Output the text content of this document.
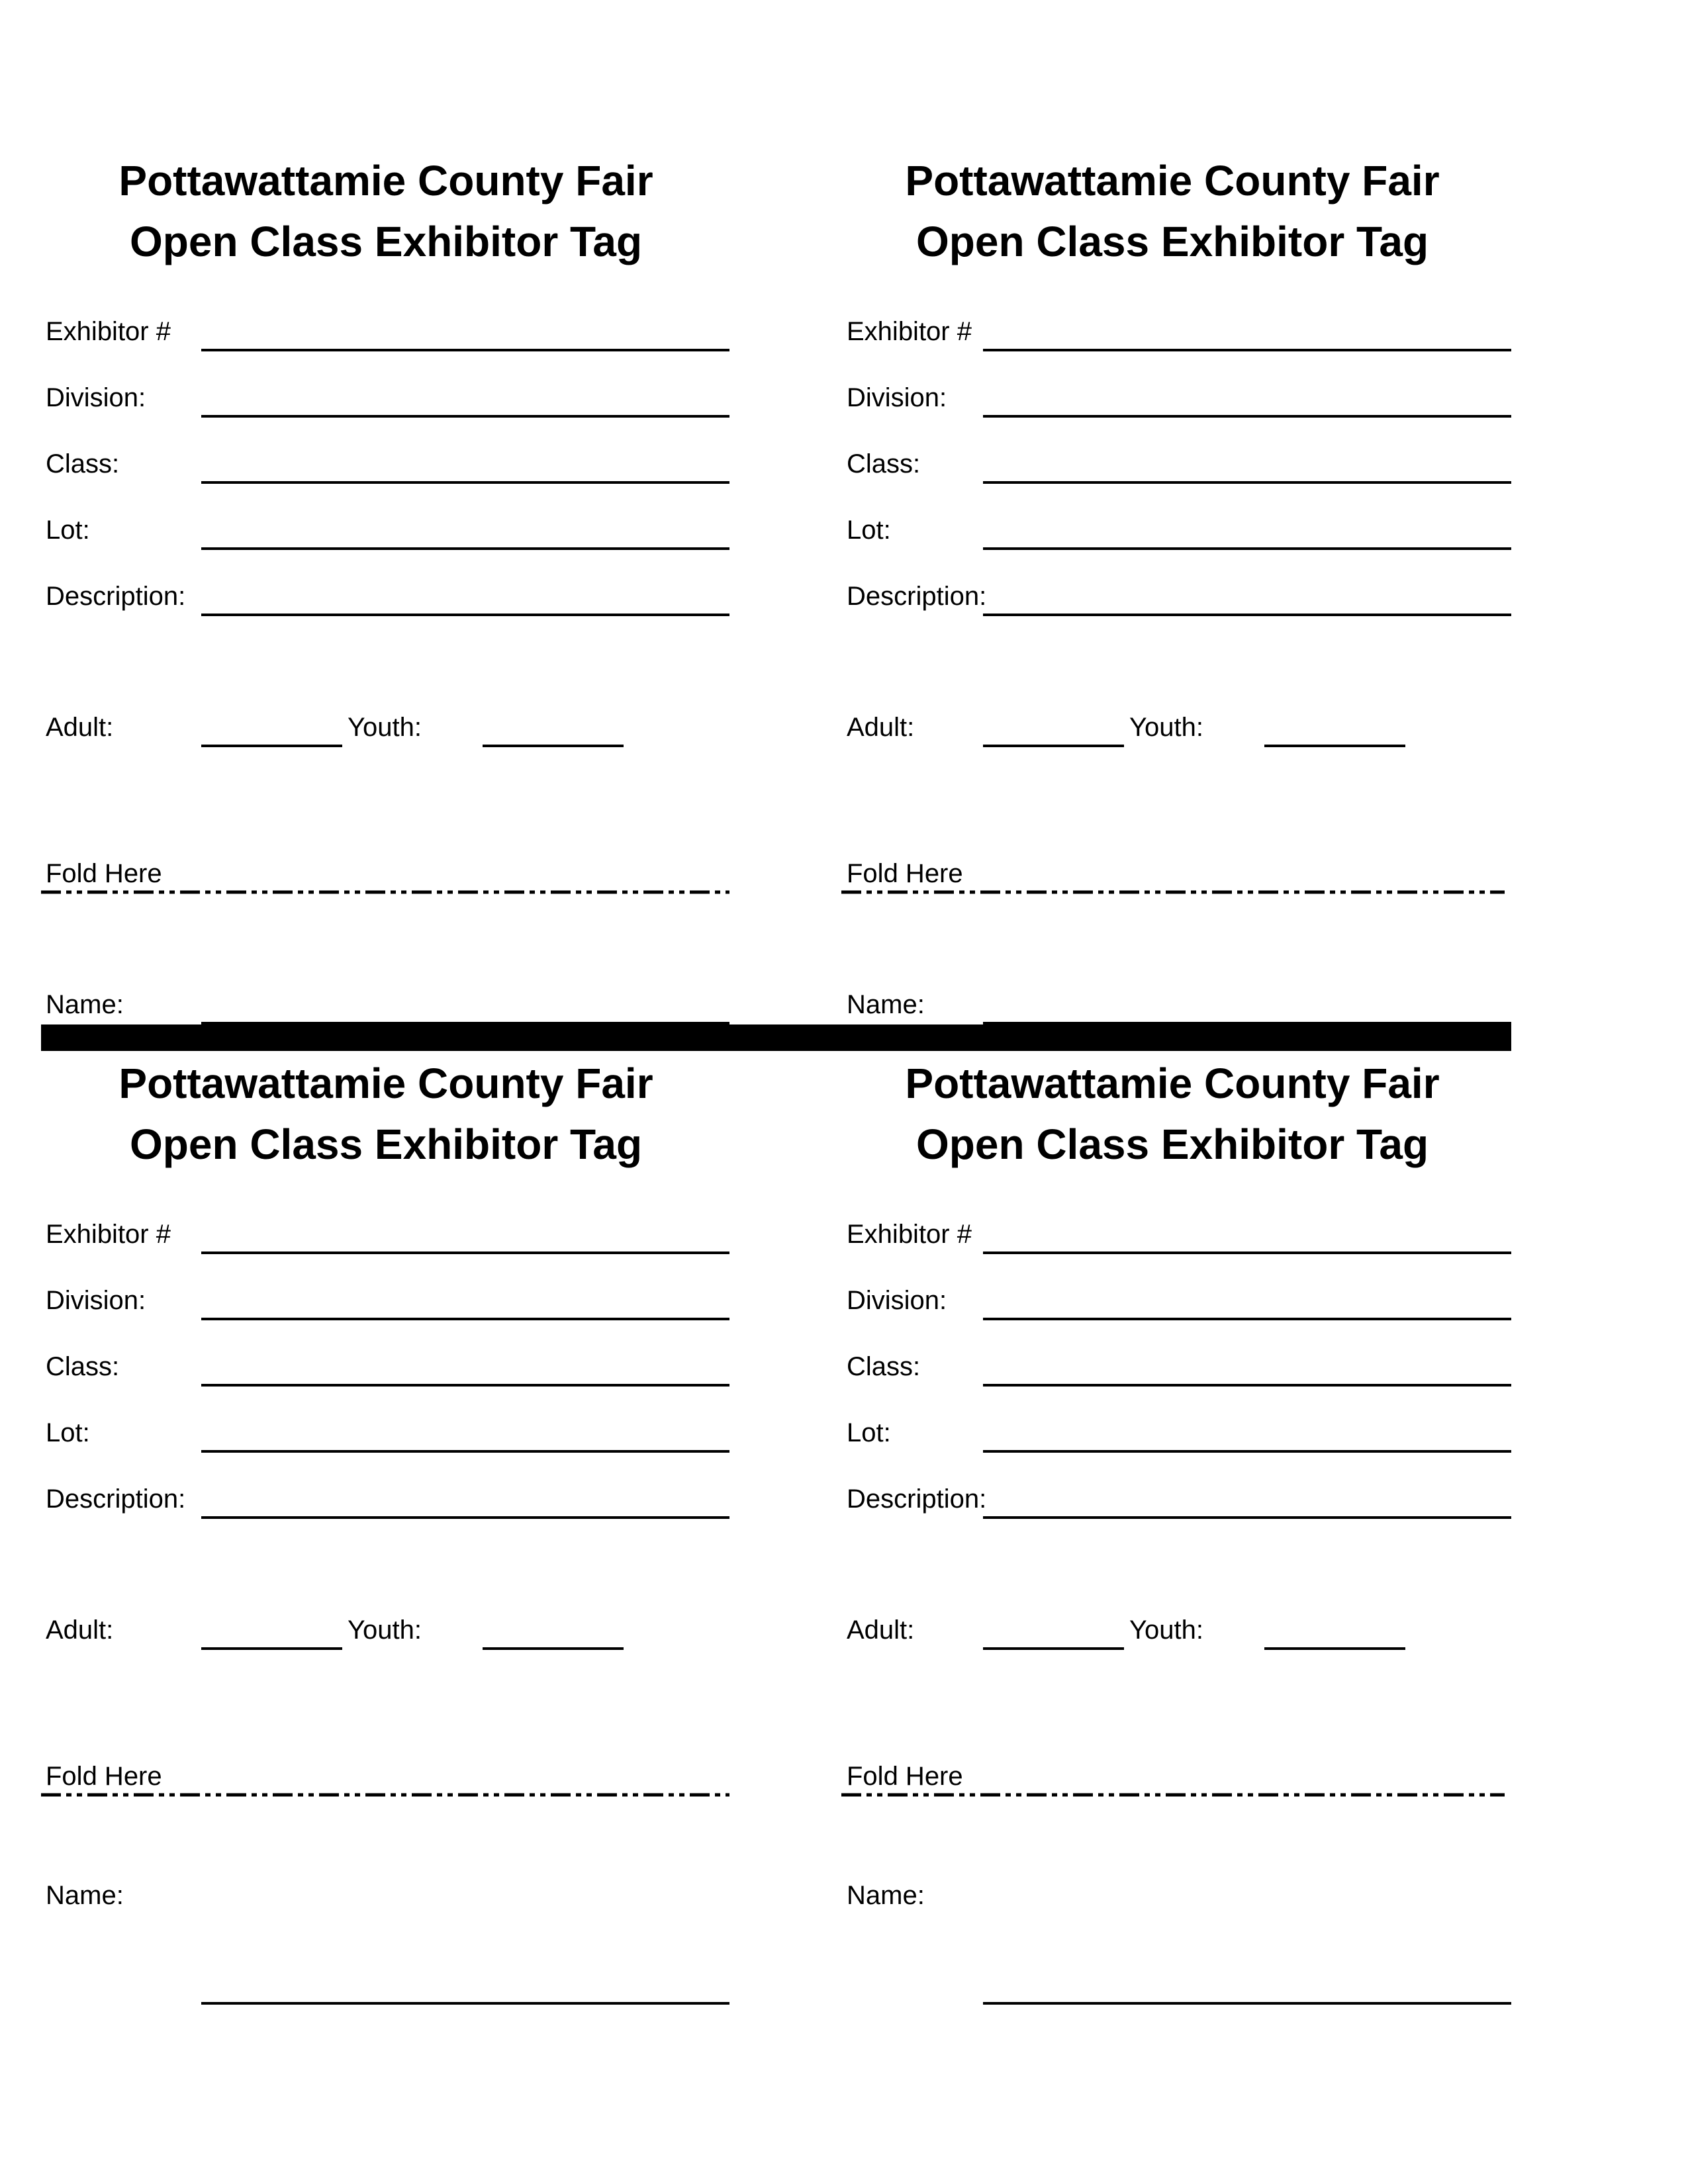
Pottawattamie County Fair
Open Class Exhibitor Tag
Exhibitor #
Division:
Class:
Lot:
Description:
Adult:	Youth:
Fold Here
Name:
Pottawattamie County Fair
Open Class Exhibitor Tag
Exhibitor #
Division:
Class:
Lot:
Description:
Adult:	Youth:
Fold Here
Name:
Pottawattamie County Fair
Open Class Exhibitor Tag
Exhibitor #
Division:
Class:
Lot:
Description:
Adult:	Youth:
Fold Here
Name:
Pottawattamie County Fair
Open Class Exhibitor Tag
Exhibitor #
Division:
Class:
Lot:
Description:
Adult:	Youth:
Fold Here
Name:
